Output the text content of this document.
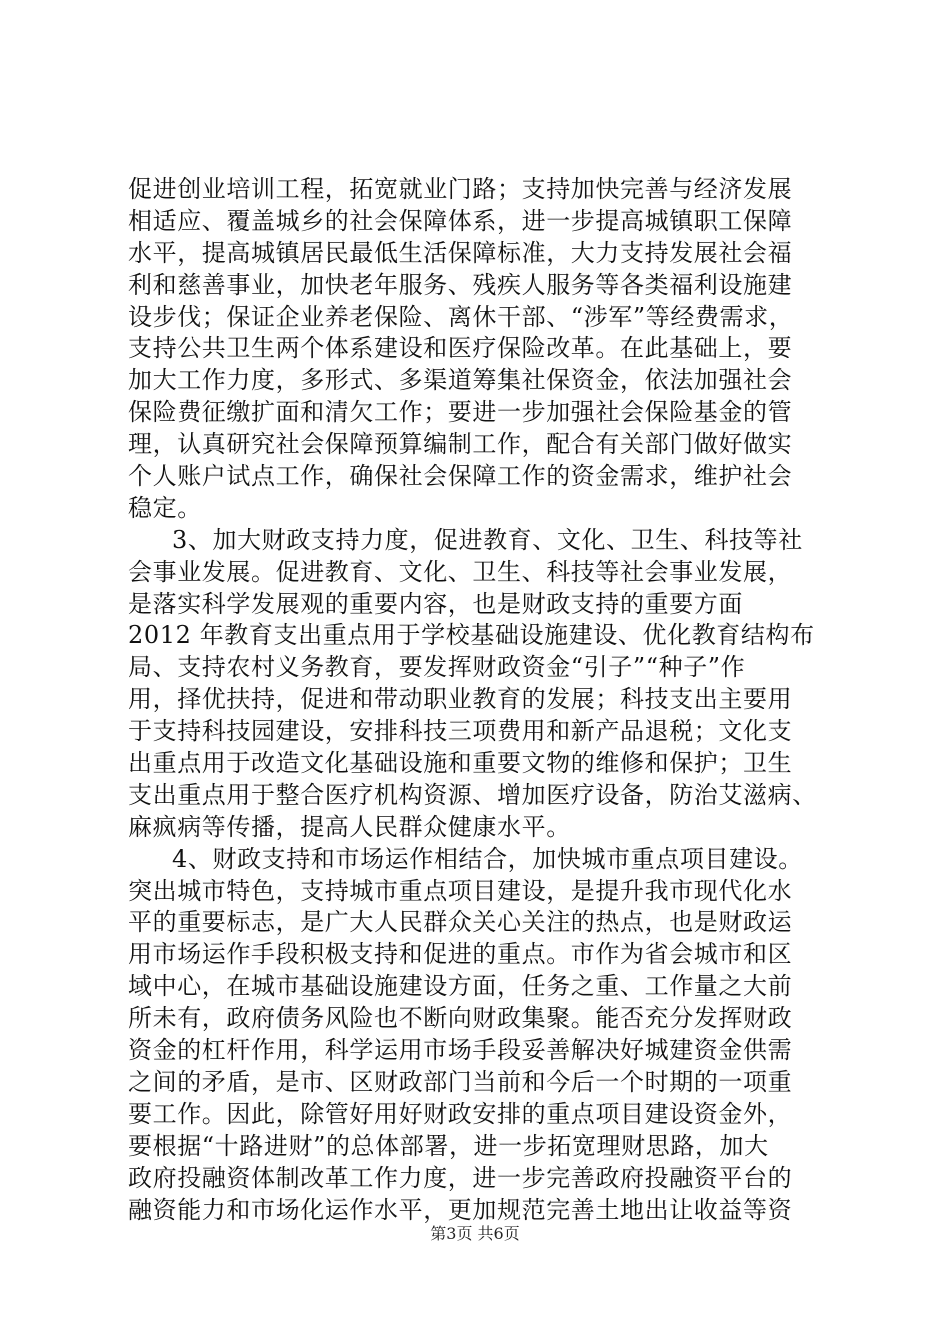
促进创业培训工程，拓宽就业门路；支持加快完善与经济发展
相适应、覆盖城乡的社会保障体系，进一步提高城镇职工保障
水平，提高城镇居民最低生活保障标准，大力支持发展社会福
利和慈善事业，加快老年服务、残疾人服务等各类福利设施建
设步伐；保证企业养老保险、离休干部、“涉军”等经费需求，
支持公共卫生两个体系建设和医疗保险改革。在此基础上，要
加大工作力度，多形式、多渠道筹集社保资金，依法加强社会
保险费征缴扩面和清欠工作；要进一步加强社会保险基金的管
理，认真研究社会保障预算编制工作，配合有关部门做好做实
个人账户试点工作，确保社会保障工作的资金需求，维护社会
稳定。
3、加大财政支持力度，促进教育、文化、卫生、科技等社
会事业发展。促进教育、文化、卫生、科技等社会事业发展，
是落实科学发展观的重要内容，也是财政支持的重要方面
2012 年教育支出重点用于学校基础设施建设、优化教育结构布
局、支持农村义务教育，要发挥财政资金“引子”“种子”作
用，择优扶持，促进和带动职业教育的发展；科技支出主要用
于支持科技园建设，安排科技三项费用和新产品退税；文化支
出重点用于改造文化基础设施和重要文物的维修和保护；卫生
支出重点用于整合医疗机构资源、增加医疗设备，防治艾滋病、
麻疯病等传播，提高人民群众健康水平。
4、财政支持和市场运作相结合，加快城市重点项目建设。
突出城市特色，支持城市重点项目建设，是提升我市现代化水
平的重要标志，是广大人民群众关心关注的热点，也是财政运
用市场运作手段积极支持和促进的重点。市作为省会城市和区
域中心，在城市基础设施建设方面，任务之重、工作量之大前
所未有，政府债务风险也不断向财政集聚。能否充分发挥财政
资金的杠杆作用，科学运用市场手段妥善解决好城建资金供需
之间的矛盾，是市、区财政部门当前和今后一个时期的一项重
要工作。因此，除管好用好财政安排的重点项目建设资金外，
要根据“十路进财”的总体部署，进一步拓宽理财思路，加大
政府投融资体制改革工作力度，进一步完善政府投融资平台的
融资能力和市场化运作水平，更加规范完善土地出让收益等资
第3页 共6页
